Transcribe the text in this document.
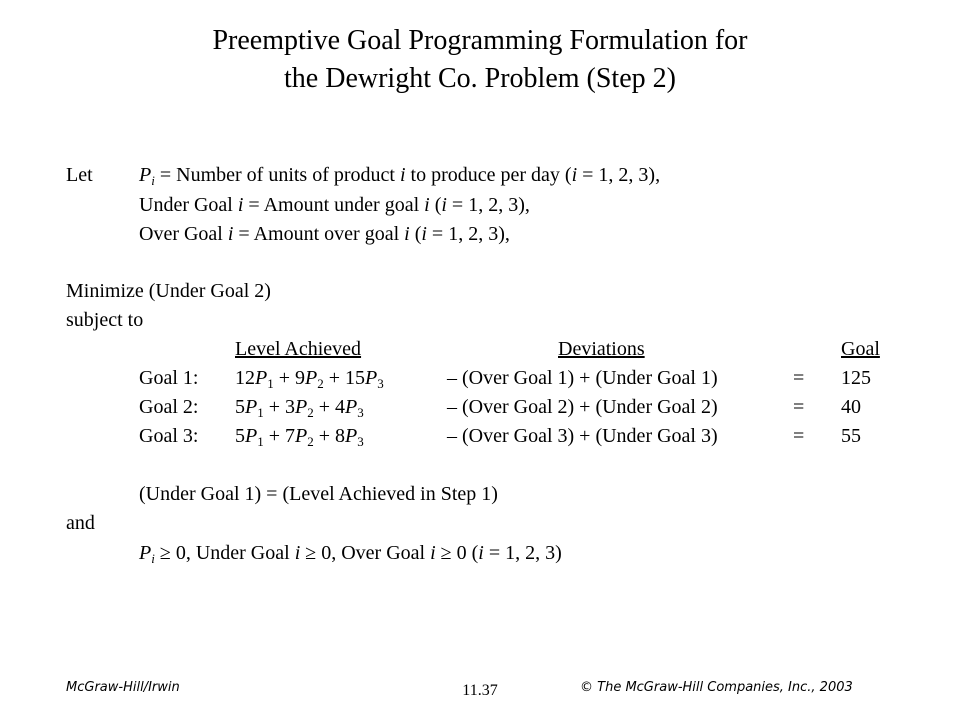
Preemptive Goal Programming Formulation for
the Dewright Co. Problem (Step 2)
Let $P_i$ = Number of units of product i to produce per day (i = 1, 2, 3),
Under Goal i = Amount under goal i (i = 1, 2, 3),
Over Goal i = Amount over goal i (i = 1, 2, 3),
Minimize (Under Goal 2)
subject to
Level Achieved	Deviations	Goal
Goal 1: $12P_1 + 9P_2 + 15P_3$	– (Over Goal 1) + (Under Goal 1)	= 125
Goal 2: $5P_1 + 3P_2 + 4P_3$	– (Over Goal 2) + (Under Goal 2)	= 40
Goal 3: $5P_1 + 7P_2 + 8P_3$	– (Over Goal 3) + (Under Goal 3)	= 55
(Under Goal 1) = (Level Achieved in Step 1)
and
$P_i \ge 0$, Under Goal i ≥ 0, Over Goal i ≥ 0 (i = 1, 2, 3)
McGraw-Hill/Irwin	11.37	© The McGraw-Hill Companies, Inc., 2003
